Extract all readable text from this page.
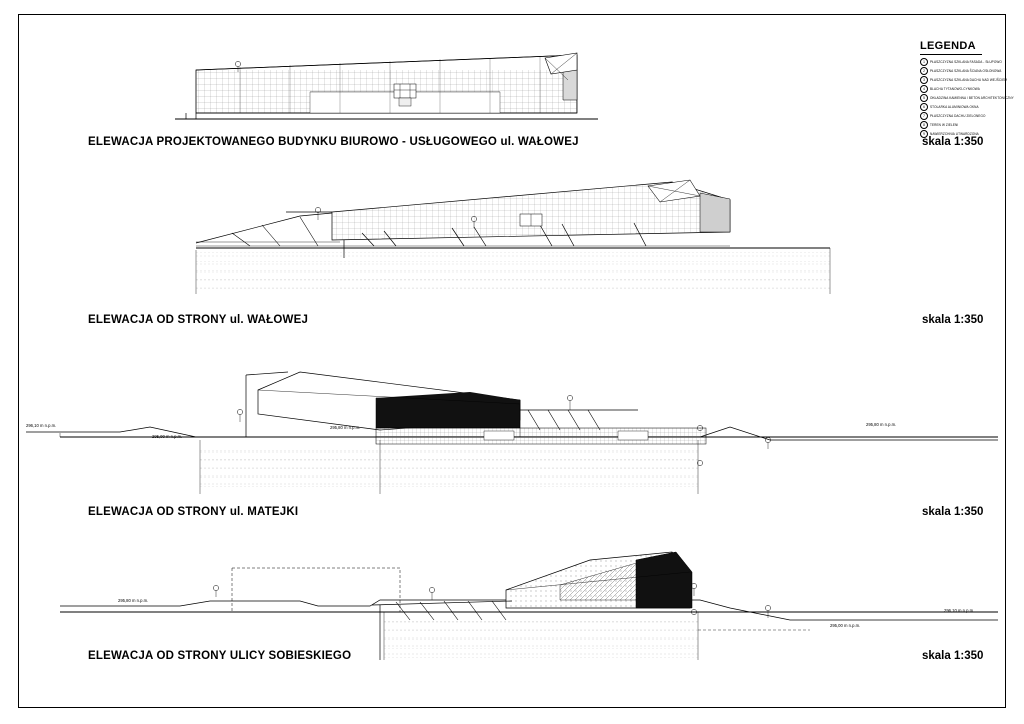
LEGENDA
1	PŁASZCZYZNA SZKLANA FASADA - SŁUPOWO
2	PŁASZCZYZNA SZKLANA ŚCIANA OSŁONOWA
3	PŁASZCZYZNA SZKLANA DACHU NAD WEJŚCIEM
4	BLACHA TYTANOWO-CYNKOWA
5	OKŁADZINA KAMIENNA / BETON ARCHITEKTONICZNY
6	STOLARKA ALUMINIOWA OKNA
7	PŁASZCZYZNA DACHU ZIELONEGO
8	TEREN W ZIELENI
9	NAWIERZCHNIA UTWARDZONA
ELEWACJA PROJEKTOWANEGO BUDYNKU BIUROWO - USŁUGOWEGO ul. WAŁOWEJ	skala 1:350
ELEWACJA OD STRONY ul. WAŁOWEJ	skala 1:350
ELEWACJA OD STRONY ul. MATEJKI	skala 1:350
ELEWACJA OD STRONY ULICY SOBIESKIEGO	skala 1:350
296,10 m n.p.m.
295,00 m n.p.m.
295,80 m n.p.m.
295,80 m n.p.m.
295,80 m n.p.m.
296,10 m n.p.m.
295,00 m n.p.m.
